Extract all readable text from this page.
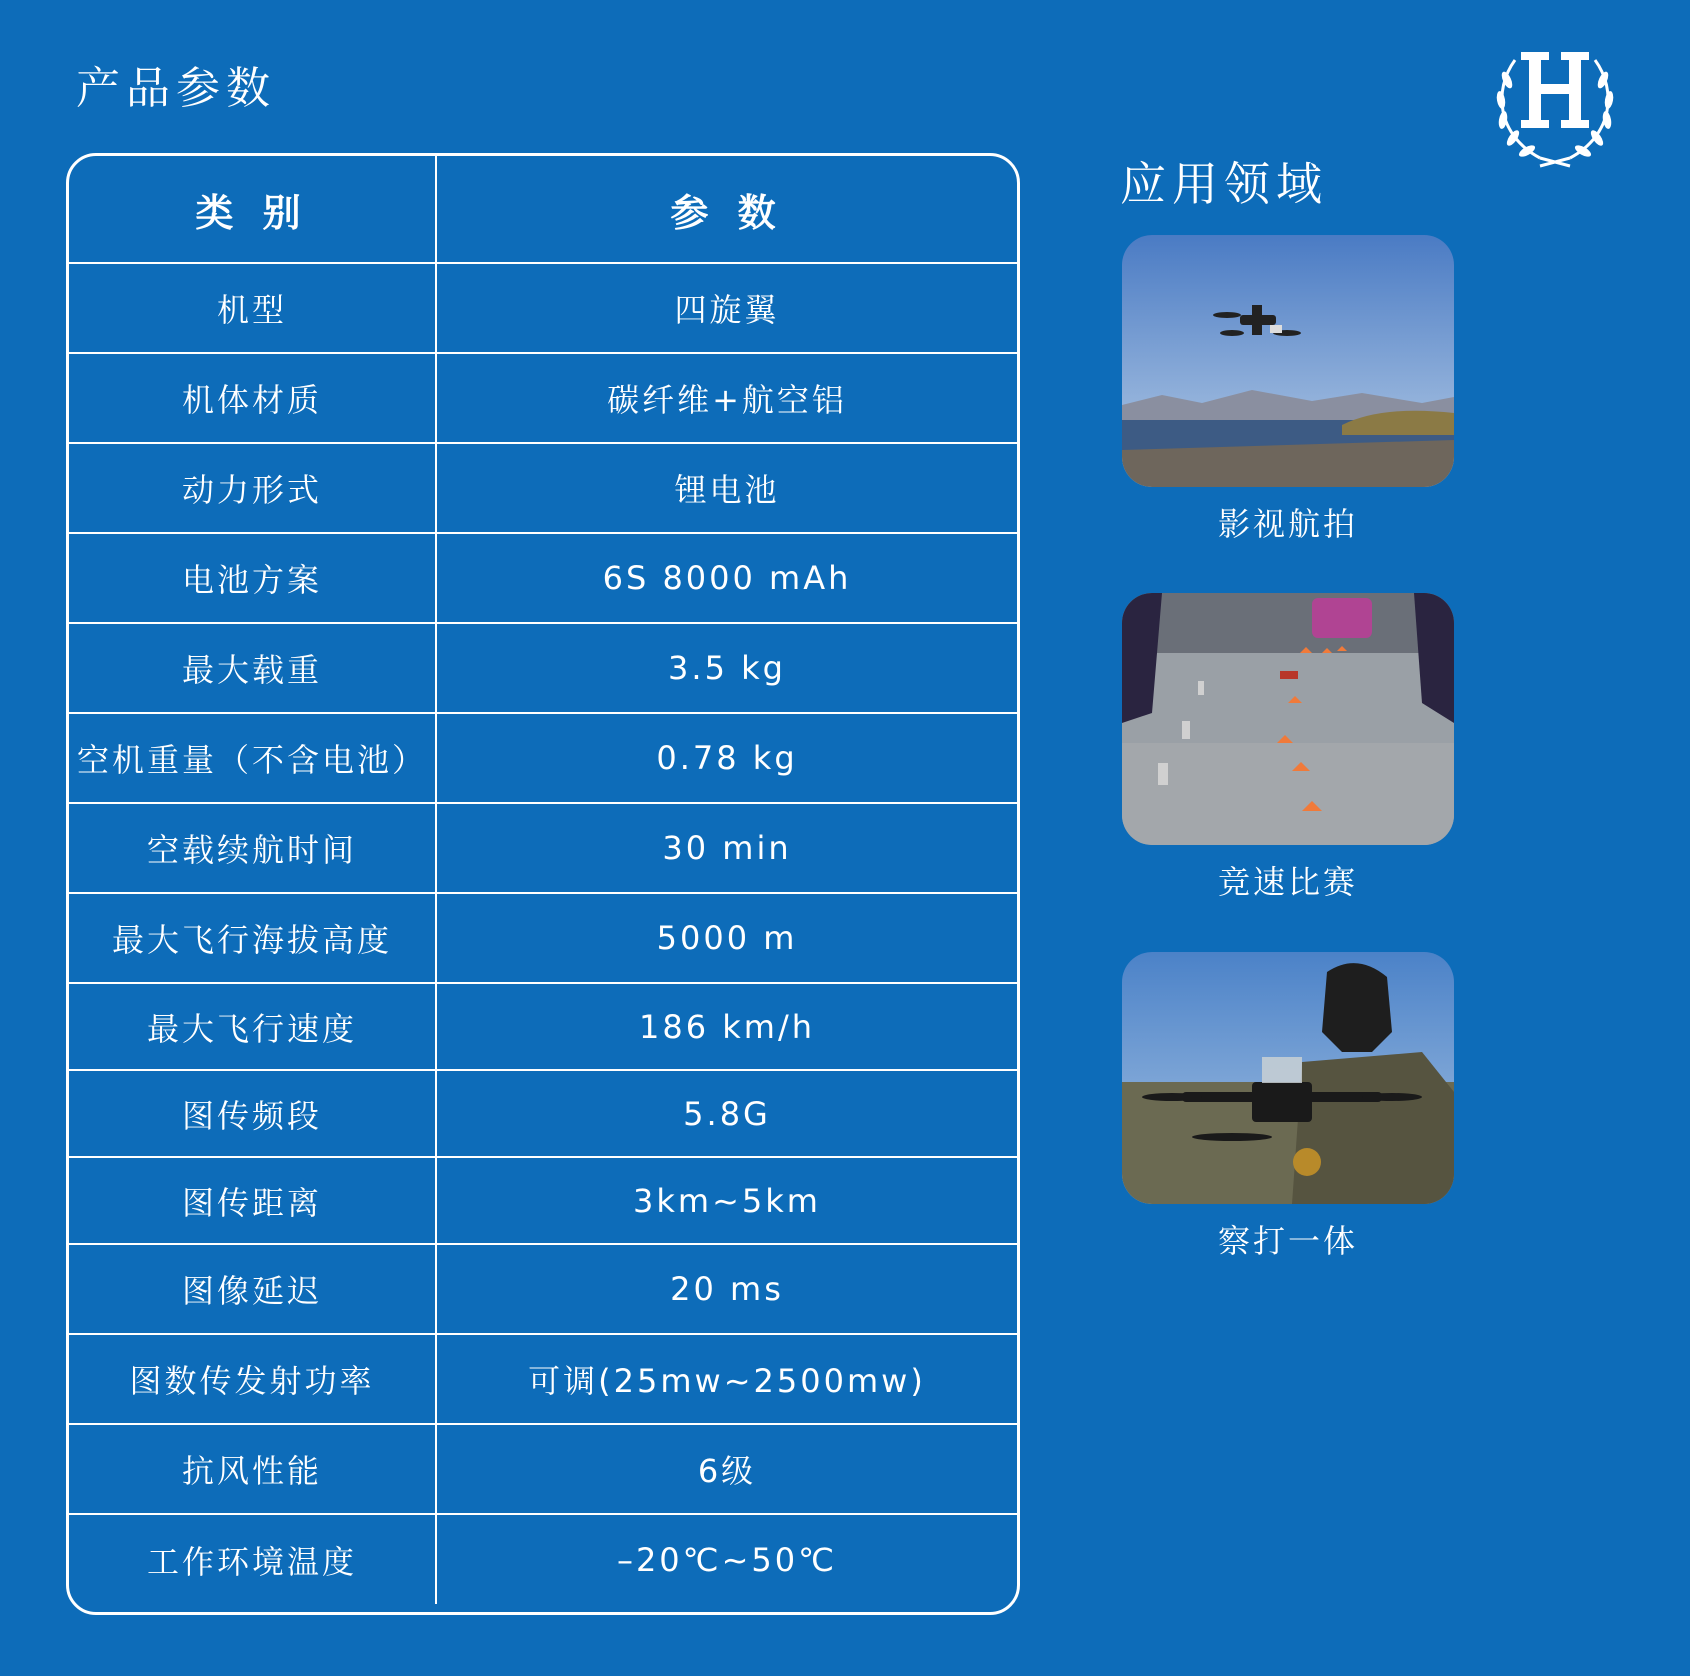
产品参数
类 别	参 数
机型	四旋翼
机体材质	碳纤维+航空铝
动力形式	锂电池
电池方案	6S 8000 mAh
最大载重	3.5 kg
空机重量（不含电池）	0.78 kg
空载续航时间	30 min
最大飞行海拔高度	5000 m
最大飞行速度	186 km/h
图传频段	5.8G
图传距离	3km~5km
图像延迟	20 ms
图数传发射功率	可调(25mw~2500mw)
抗风性能	6级
工作环境温度	–20℃~50℃
应用领域
影视航拍
竞速比赛
察打一体
